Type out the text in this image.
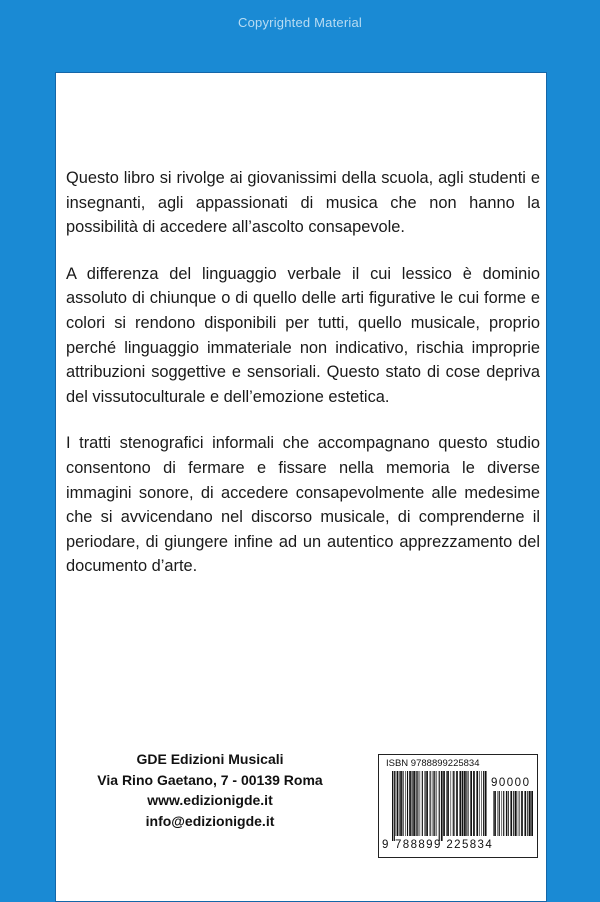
Copyrighted Material

Questo libro si rivolge ai giovanissimi della scuola, agli studenti e insegnanti, agli appassionati di musica che non hanno la possibilità di accedere all’ascolto consapevole.

A differenza del linguaggio verbale il cui lessico è dominio assoluto di chiunque o di quello delle arti figurative le cui forme e colori si rendono disponibili per tutti, quello musicale, proprio perché linguaggio immateriale non indicativo, rischia improprie attribuzioni soggettive e sensoriali. Questo stato di cose depriva del vissutoculturale e dell’emozione estetica.

I tratti stenografici informali che accompagnano questo studio consentono di fermare e fissare nella memoria le diverse immagini sonore, di accedere consapevolmente alle medesime che si avvicendano nel discorso musicale, di comprenderne il periodare, di giungere infine ad un autentico apprezzamento del documento d’arte.

GDE Edizioni Musicali
Via Rino Gaetano, 7 - 00139 Roma
www.edizionigde.it
info@edizionigde.it
ISBN 9788899225834
90000
9 788899 225834
